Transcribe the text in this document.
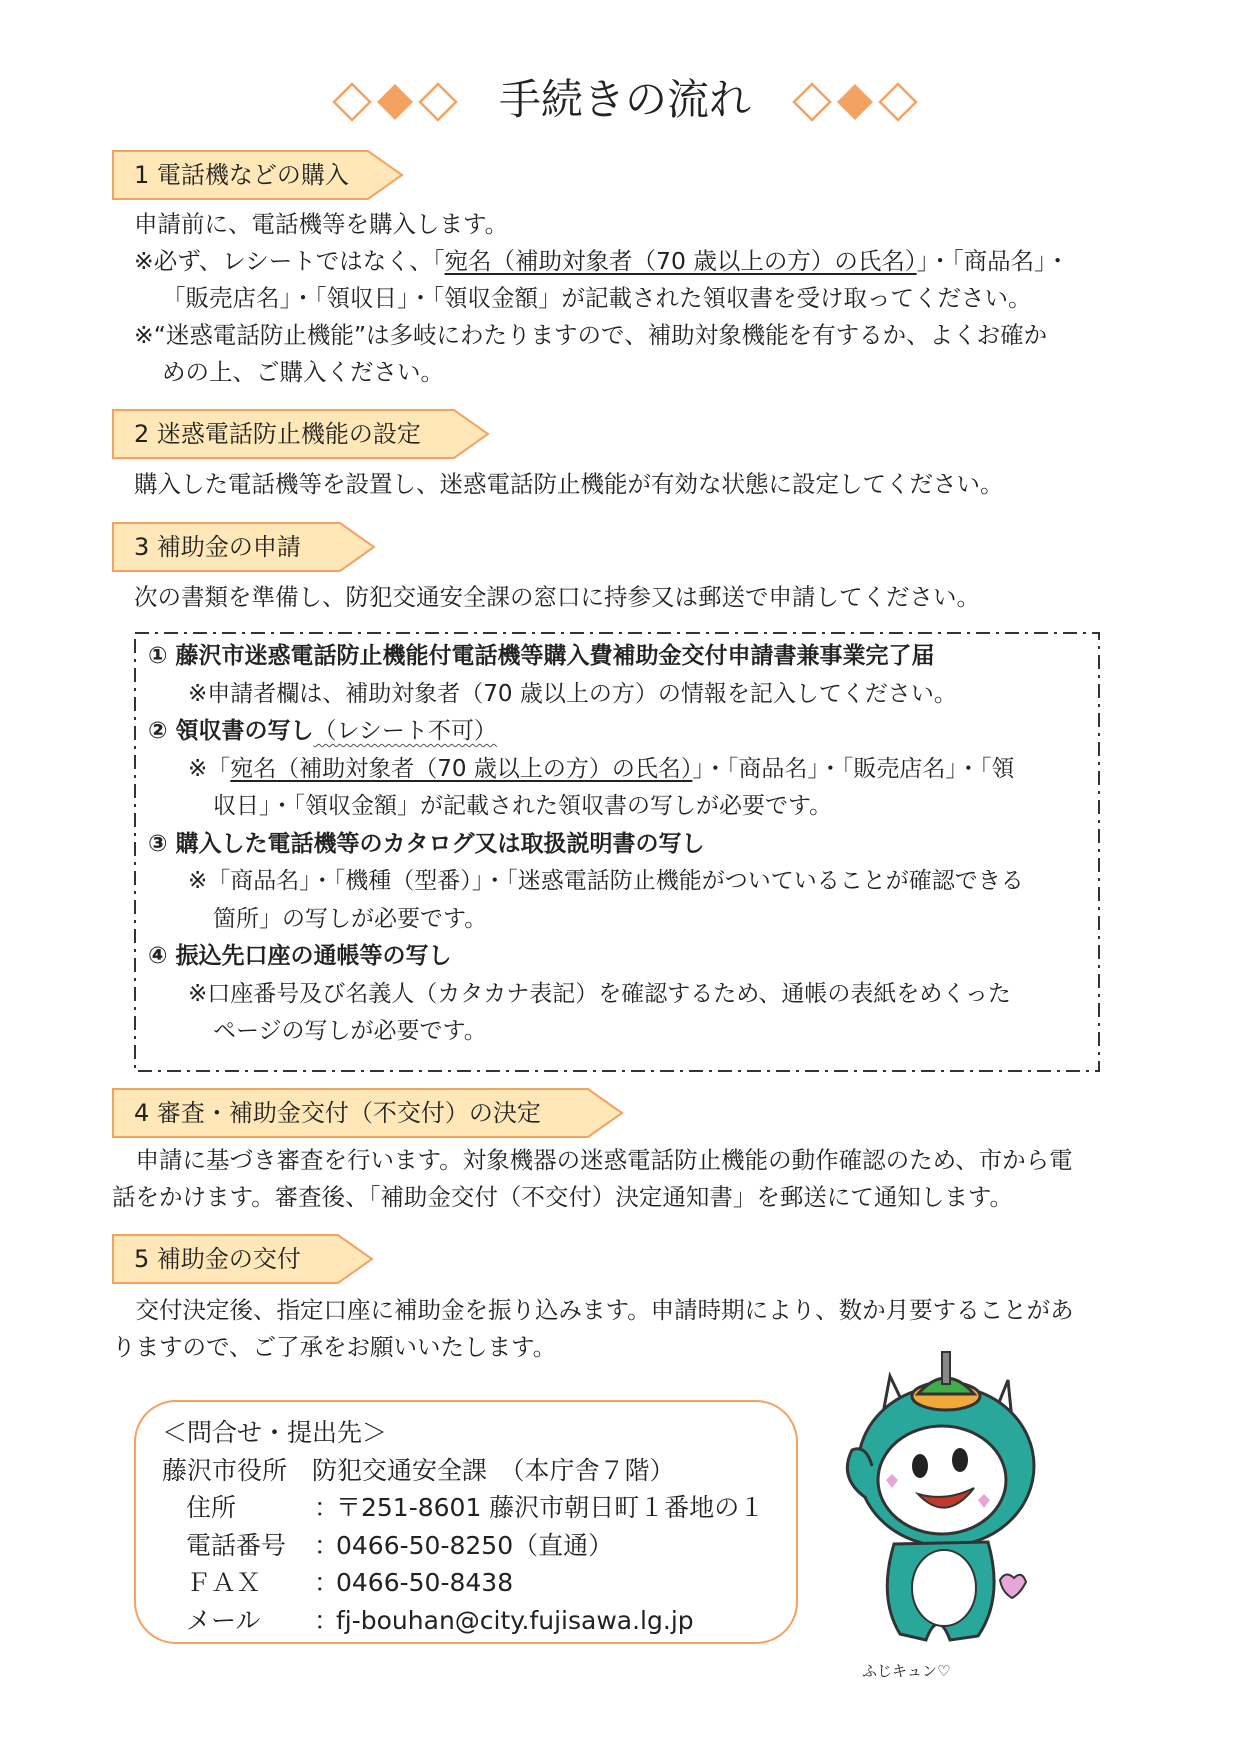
手続きの流れ
1 電話機などの購入
申請前に、電話機等を購入します。
※必ず、レシートではなく、「宛名（補助対象者（70 歳以上の方）の氏名）」・「商品名」・
「販売店名」・「領収日」・「領収金額」が記載された領収書を受け取ってください。
※“迷惑電話防止機能”は多岐にわたりますので、補助対象機能を有するか、よくお確か
めの上、ご購入ください。
2 迷惑電話防止機能の設定
購入した電話機等を設置し、迷惑電話防止機能が有効な状態に設定してください。
3 補助金の申請
次の書類を準備し、防犯交通安全課の窓口に持参又は郵送で申請してください。
① 藤沢市迷惑電話防止機能付電話機等購入費補助金交付申請書兼事業完了届
※申請者欄は、補助対象者（70 歳以上の方）の情報を記入してください。
② 領収書の写し（レシート不可）
※「宛名（補助対象者（70 歳以上の方）の氏名）」・「商品名」・「販売店名」・「領
収日」・「領収金額」が記載された領収書の写しが必要です。
③ 購入した電話機等のカタログ又は取扱説明書の写し
※「商品名」・「機種（型番）」・「迷惑電話防止機能がついていることが確認できる
箇所」の写しが必要です。
④ 振込先口座の通帳等の写し
※口座番号及び名義人（カタカナ表記）を確認するため、通帳の表紙をめくった
ページの写しが必要です。
4 審査・補助金交付（不交付）の決定
　申請に基づき審査を行います。対象機器の迷惑電話防止機能の動作確認のため、市から電
話をかけます。審査後、「補助金交付（不交付）決定通知書」を郵送にて通知します。
5 補助金の交付
　交付決定後、指定口座に補助金を振り込みます。申請時期により、数か月要することがあ
りますので、ご了承をお願いいたします。
＜問合せ・提出先＞
藤沢市役所　防犯交通安全課　（本庁舎７階）
住所	：
〒251-8601 藤沢市朝日町１番地の１
電話番号	：
0466-50-8250（直通）
ＦＡＸ	：
0466-50-8438
メール	：
fj-bouhan@city.fujisawa.lg.jp
ふじキュン♡
